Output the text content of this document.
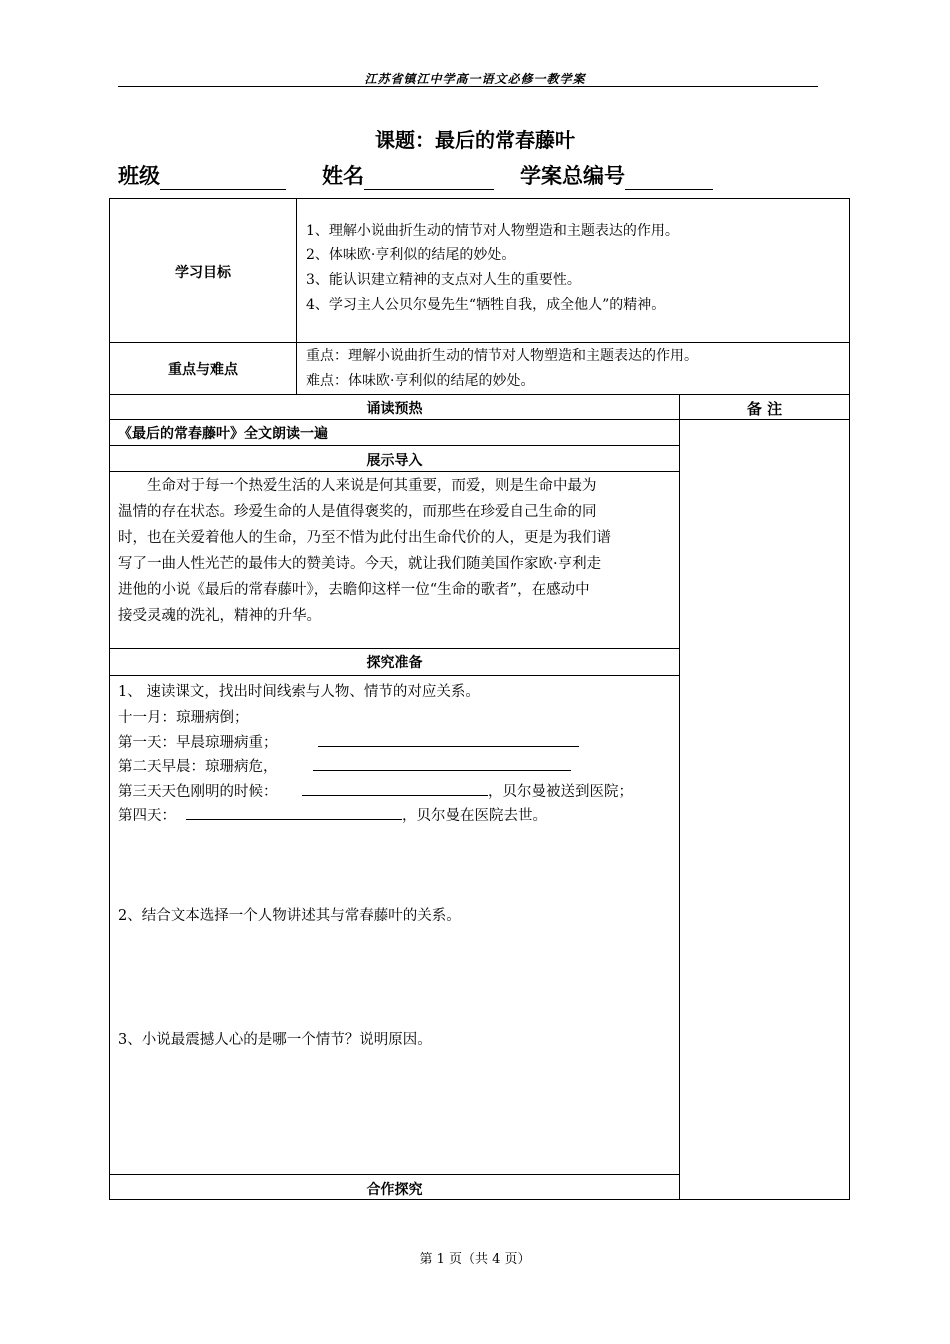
江苏省镇江中学高一语文必修一教学案
课题：最后的常春藤叶
班级	姓名	学案总编号
学习目标
1、理解小说曲折生动的情节对人物塑造和主题表达的作用。
2、体味欧·亨利似的结尾的妙处。
3、能认识建立精神的支点对人生的重要性。
4、学习主人公贝尔曼先生“牺牲自我，成全他人”的精神。
重点与难点
重点：理解小说曲折生动的情节对人物塑造和主题表达的作用。
难点：体味欧·亨利似的结尾的妙处。
诵读预热	备 注
《最后的常春藤叶》全文朗读一遍
展示导入
生命对于每一个热爱生活的人来说是何其重要，而爱，则是生命中最为
温情的存在状态。珍爱生命的人是值得褒奖的，而那些在珍爱自己生命的同
时，也在关爱着他人的生命，乃至不惜为此付出生命代价的人，更是为我们谱
写了一曲人性光芒的最伟大的赞美诗。今天，就让我们随美国作家欧·亨利走
进他的小说《最后的常春藤叶》，去瞻仰这样一位“生命的歌者”，在感动中
接受灵魂的洗礼，精神的升华。
探究准备
1、 速读课文，找出时间线索与人物、情节的对应关系。
十一月：琼珊病倒；
第一天：早晨琼珊病重；
第二天早晨：琼珊病危，
第三天天色刚明的时候：	，贝尔曼被送到医院；
第四天：	，贝尔曼在医院去世。
2、结合文本选择一个人物讲述其与常春藤叶的关系。
3、小说最震撼人心的是哪一个情节？说明原因。
合作探究
第 1 页（共 4 页）
